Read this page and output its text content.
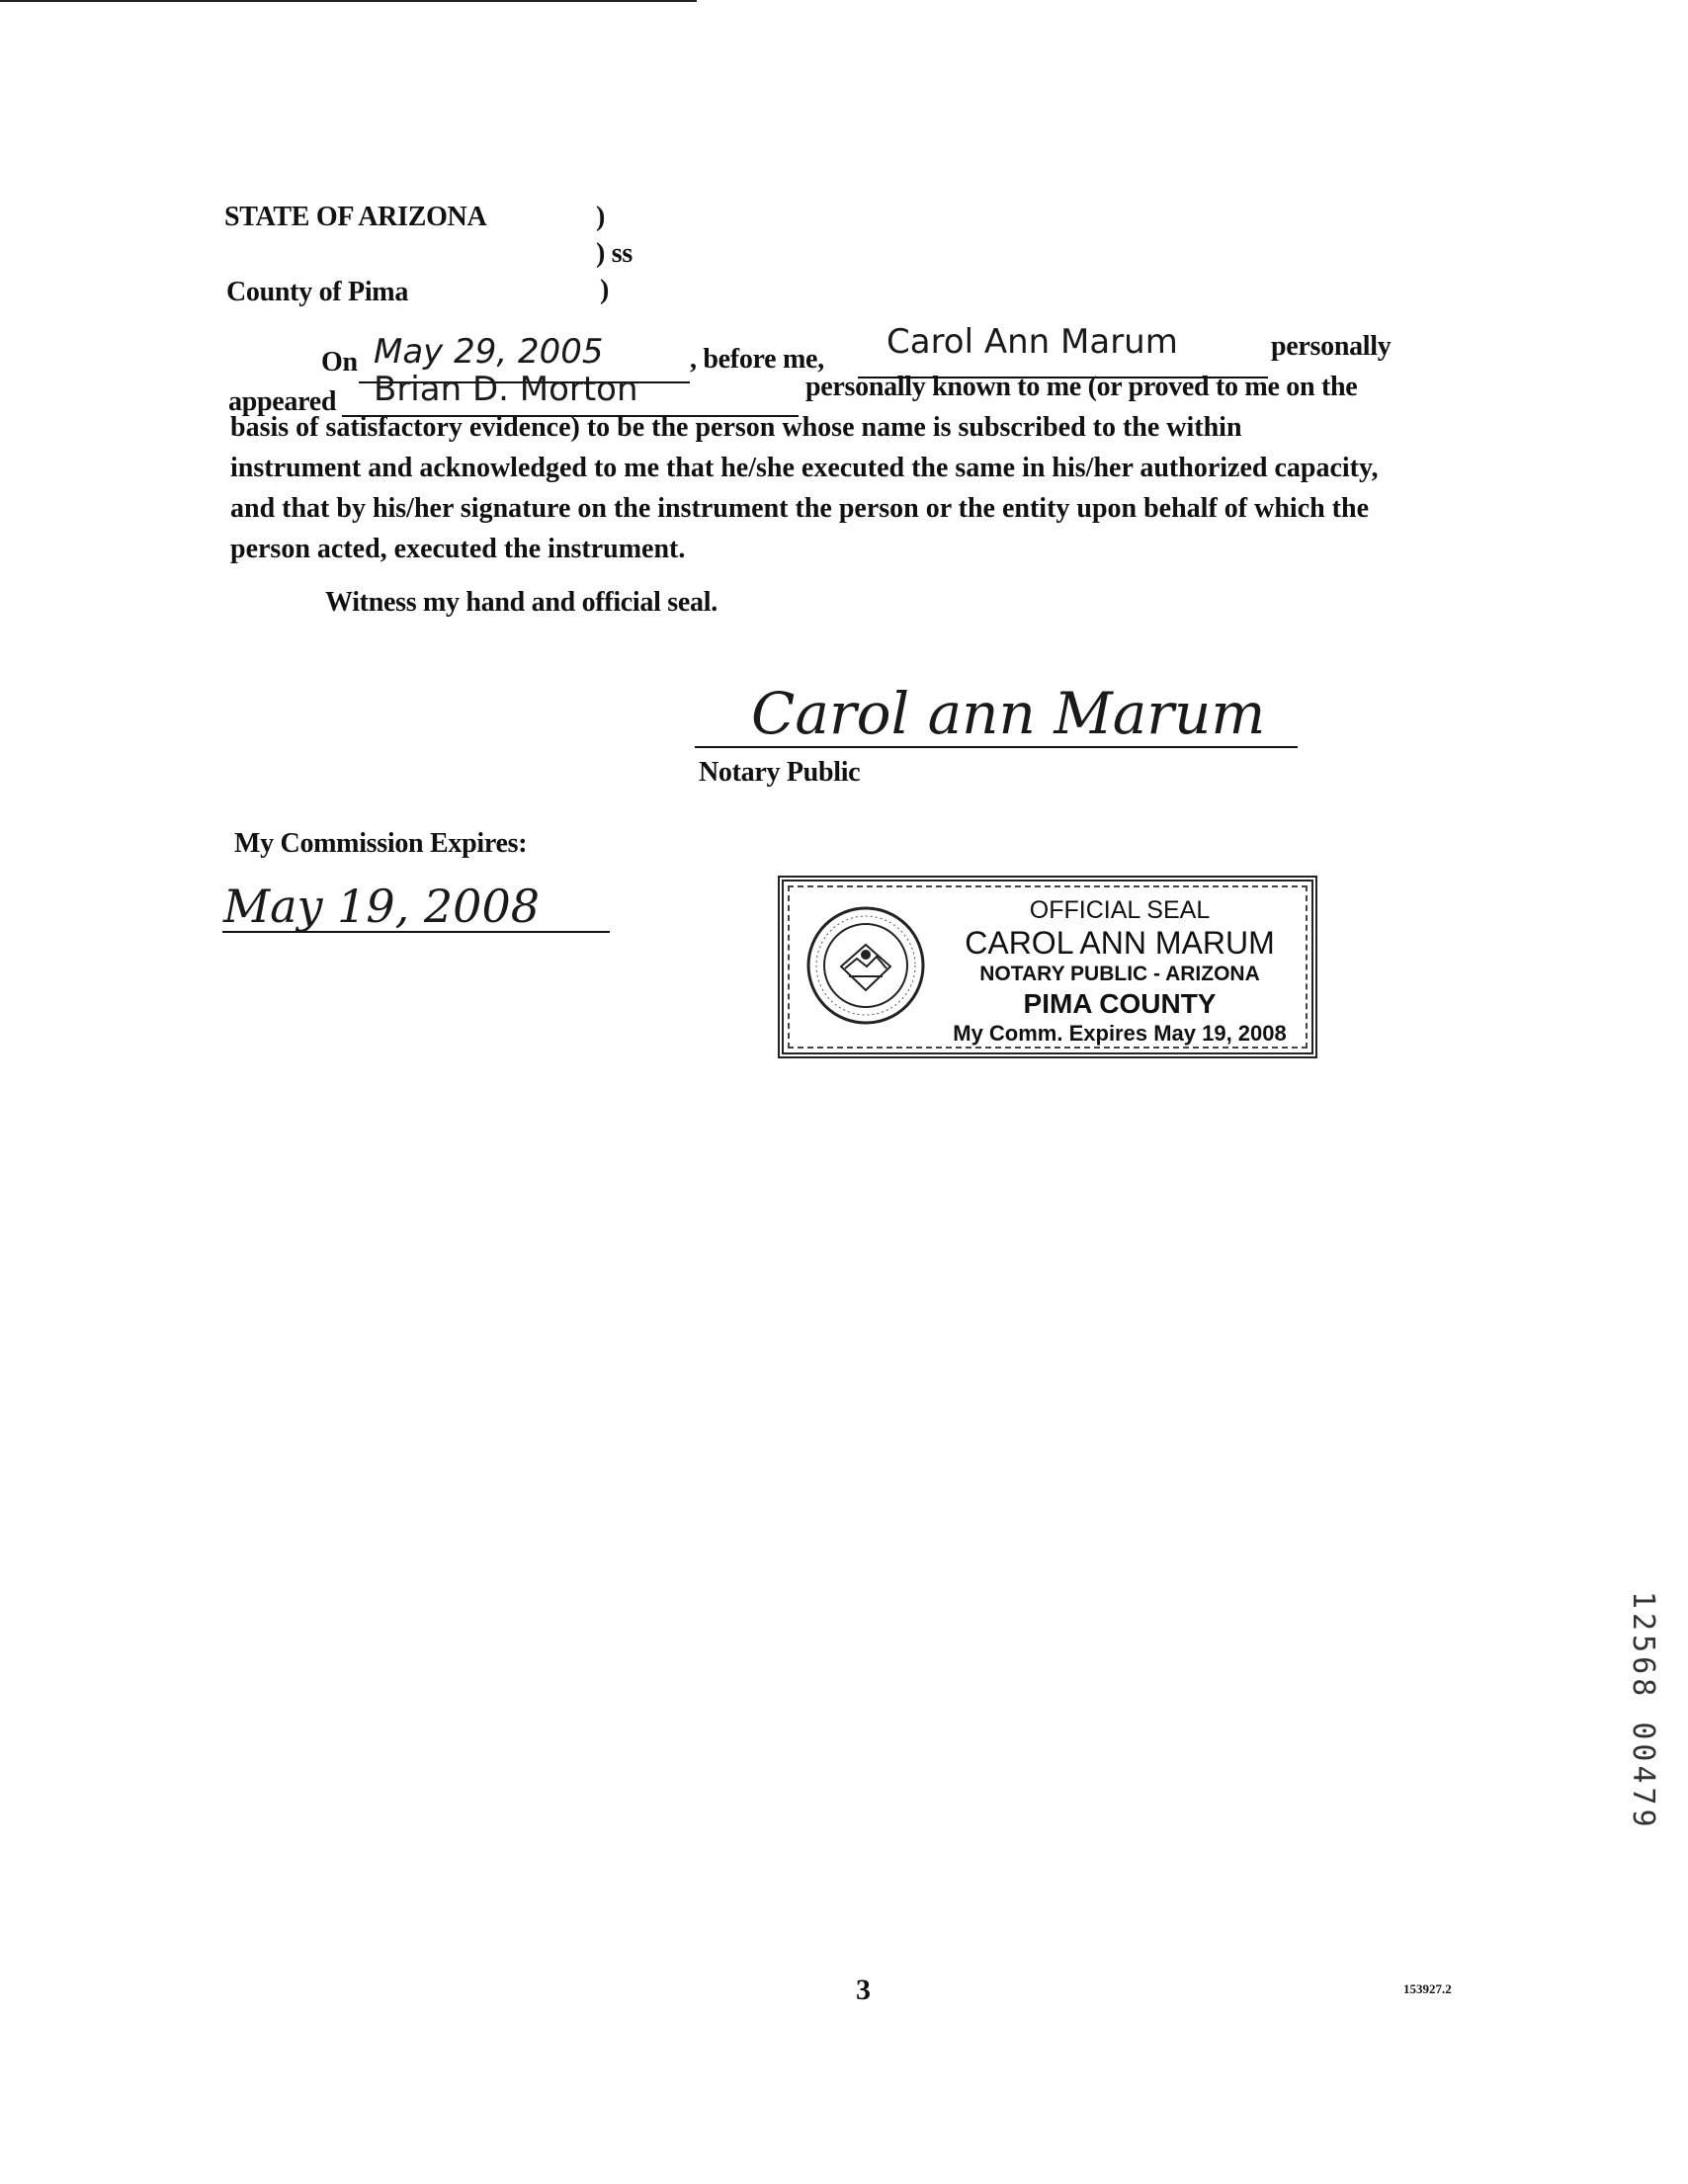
STATE OF ARIZONA	)
) ss
County of Pima	)
On May 29, 2005	, before me, Carol Ann Marum	personally
appeared Brian D. Morton	personally known to me (or proved to me on the
basis of satisfactory evidence) to be the person whose name is subscribed to the within
instrument and acknowledged to me that he/she executed the same in his/her authorized capacity,
and that by his/her signature on the instrument the person or the entity upon behalf of which the
person acted, executed the instrument.
Witness my hand and official seal.
Carol ann Marum
Notary Public
My Commission Expires:
May 19, 2008	OFFICIAL SEAL
CAROL ANN MARUM
NOTARY PUBLIC - ARIZONA
PIMA COUNTY
My Comm. Expires May 19, 2008
3	153927.2
12568 00479
